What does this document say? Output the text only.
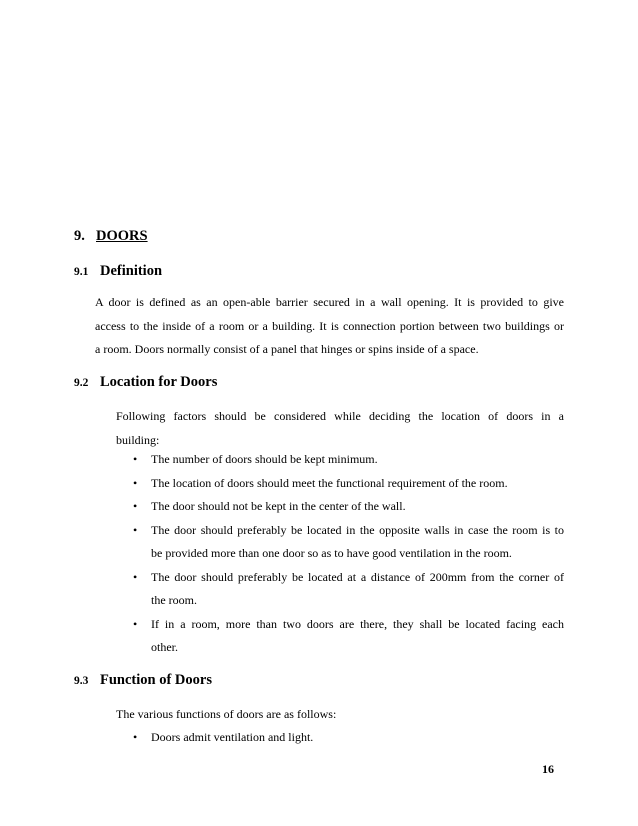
9. DOORS
9.1 Definition
A door is defined as an open-able barrier secured in a wall opening. It is provided to give
access to the inside of a room or a building. It is connection portion between two buildings or
a room. Doors normally consist of a panel that hinges or spins inside of a space.
9.2 Location for Doors
Following factors should be considered while deciding the location of doors in a
building:
• The number of doors should be kept minimum.
• The location of doors should meet the functional requirement of the room.
• The door should not be kept in the center of the wall.
• The door should preferably be located in the opposite walls in case the room is to
be provided more than one door so as to have good ventilation in the room.
• The door should preferably be located at a distance of 200mm from the corner of
the room.
• If in a room, more than two doors are there, they shall be located facing each
other.
9.3 Function of Doors
The various functions of doors are as follows:
• Doors admit ventilation and light.
16
